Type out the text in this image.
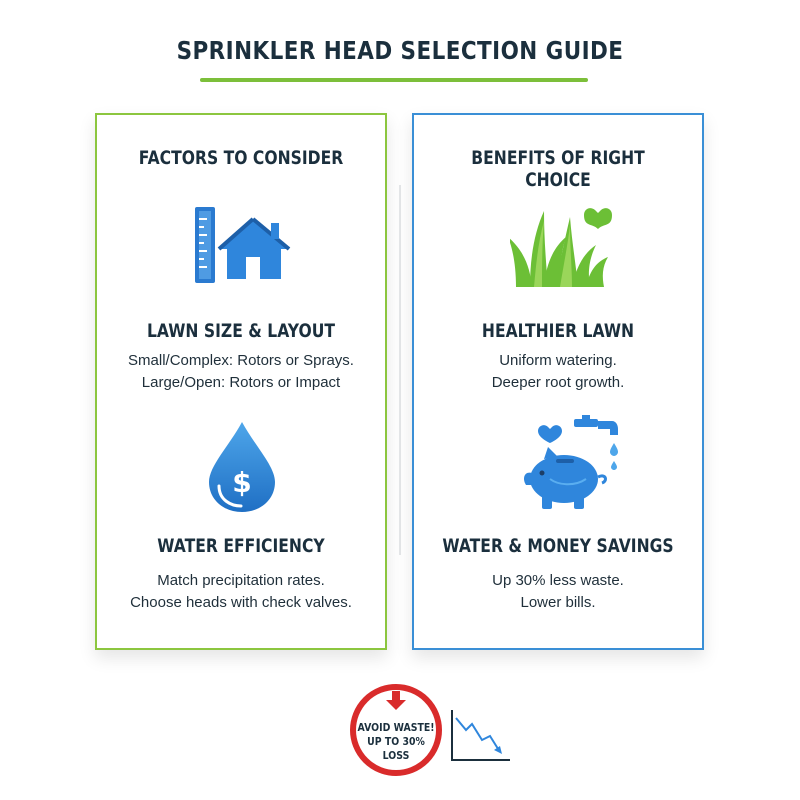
SPRINKLER HEAD SELECTION GUIDE
FACTORS TO CONSIDER
LAWN SIZE & LAYOUT
Small/Complex: Rotors or Sprays.
Large/Open: Rotors or Impact
$
WATER EFFICIENCY
Match precipitation rates.
Choose heads with check valves.
BENEFITS OF RIGHT CHOICE
HEALTHIER LAWN
Uniform watering.
Deeper root growth.
WATER & MONEY SAVINGS
Up 30% less waste.
Lower bills.
AVOID WASTE!
UP TO 30%
LOSS
